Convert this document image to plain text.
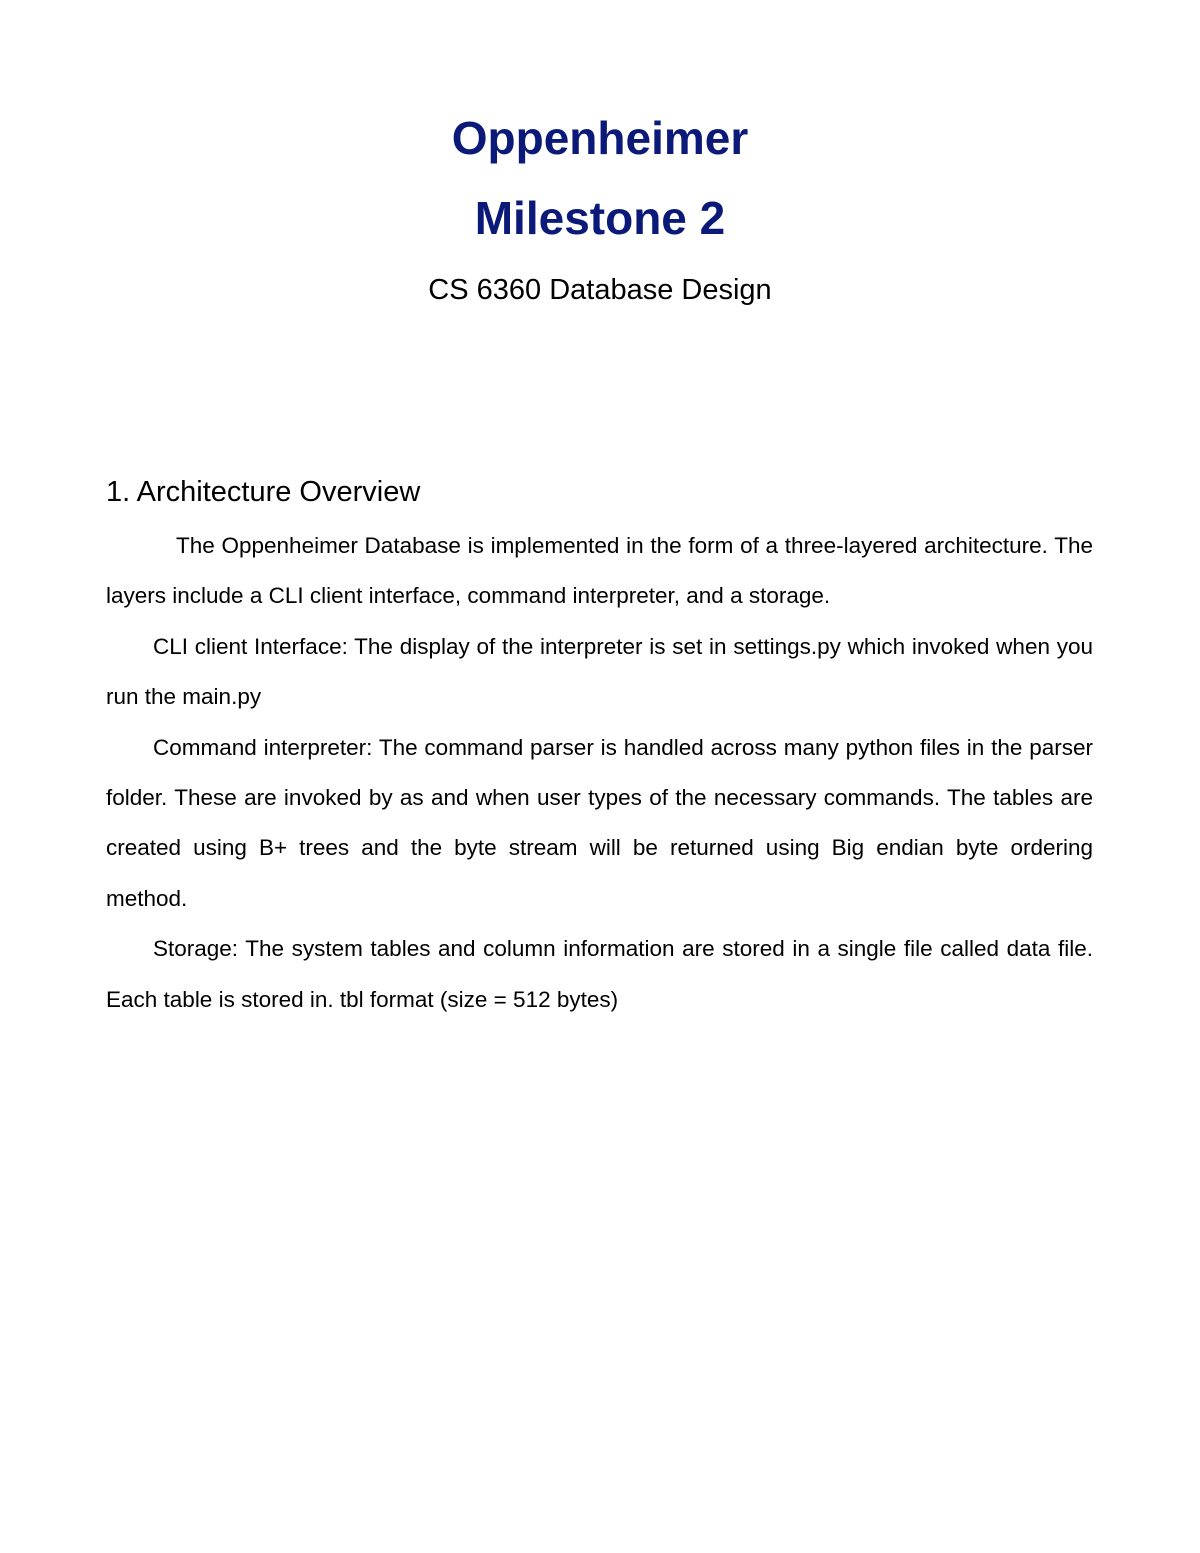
Oppenheimer
Milestone 2

CS 6360 Database Design

1. Architecture Overview

The Oppenheimer Database is implemented in the form of a three-layered architecture. The layers include a CLI client interface, command interpreter, and a storage.

CLI client Interface: The display of the interpreter is set in settings.py which invoked when you run the main.py

Command interpreter: The command parser is handled across many python files in the parser folder. These are invoked by as and when user types of the necessary commands. The tables are created using B+ trees and the byte stream will be returned using Big endian byte ordering method.

Storage: The system tables and column information are stored in a single file called data file. Each table is stored in. tbl format (size = 512 bytes)
